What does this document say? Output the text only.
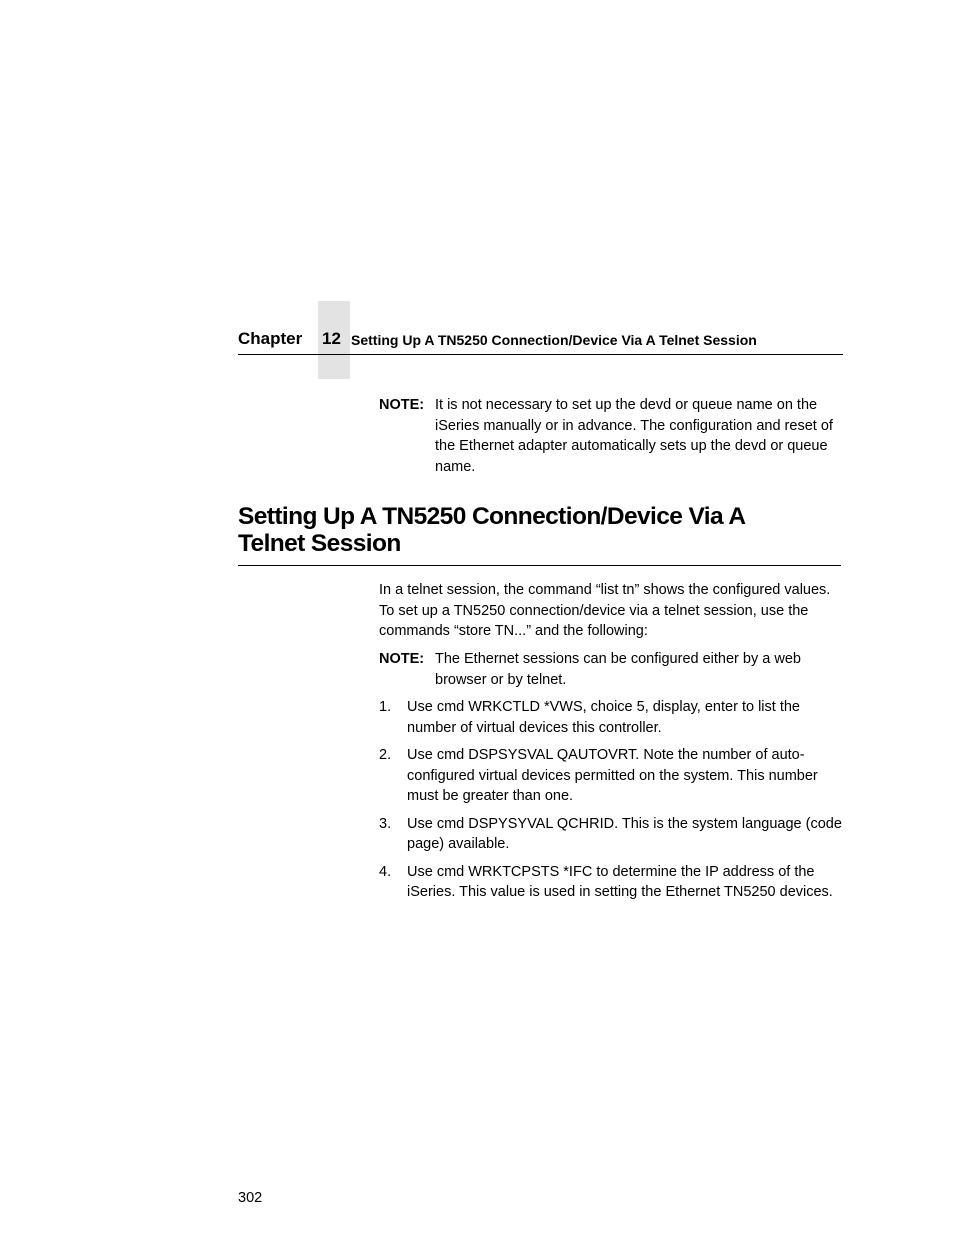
Chapter 12 Setting Up A TN5250 Connection/Device Via A Telnet Session
NOTE: It is not necessary to set up the devd or queue name on the iSeries manually or in advance. The configuration and reset of the Ethernet adapter automatically sets up the devd or queue name.
Setting Up A TN5250 Connection/Device Via A
Telnet Session

In a telnet session, the command “list tn” shows the configured values. To set up a TN5250 connection/device via a telnet session, use the commands “store TN...” and the following:

NOTE: The Ethernet sessions can be configured either by a web browser or by telnet.
1. Use cmd WRKCTLD *VWS, choice 5, display, enter to list the number of virtual devices this controller.
2. Use cmd DSPSYSVAL QAUTOVRT. Note the number of auto-configured virtual devices permitted on the system. This number must be greater than one.
3. Use cmd DSPYSYVAL QCHRID. This is the system language (code page) available.
4. Use cmd WRKTCPSTS *IFC to determine the IP address of the iSeries. This value is used in setting the Ethernet TN5250 devices.
302
